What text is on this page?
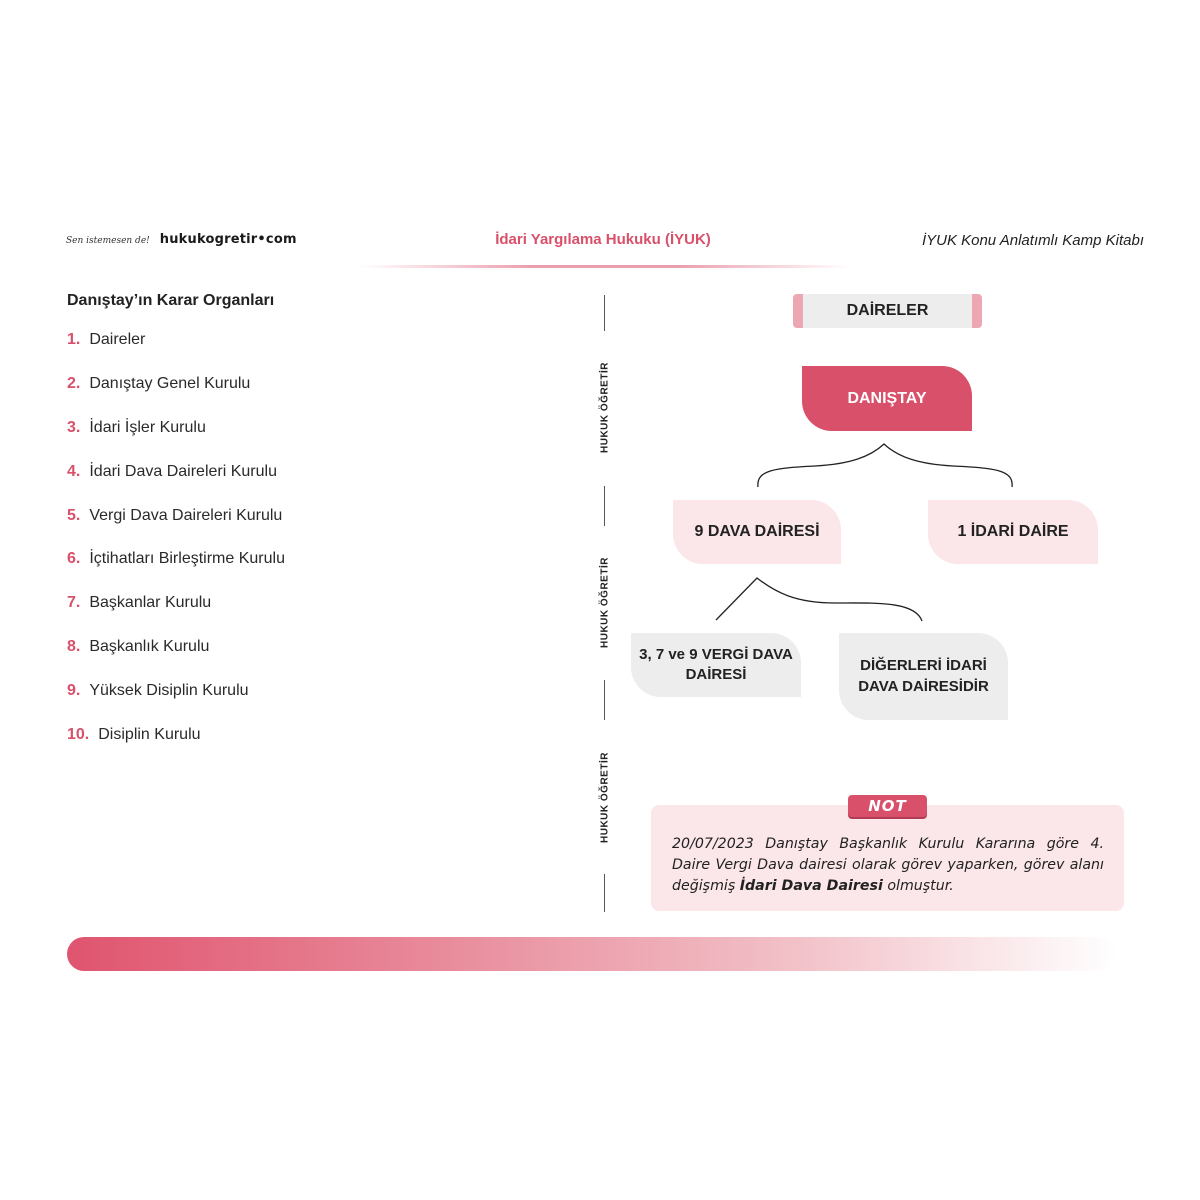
Sen istemesen de! hukukogretir•com	İdari Yargılama Hukuku (İYUK)	İYUK Konu Anlatımlı Kamp Kitabı
Danıştay’ın Karar Organları
1. Daireler
2. Danıştay Genel Kurulu
3. İdari İşler Kurulu
4. İdari Dava Daireleri Kurulu
5. Vergi Dava Daireleri Kurulu
6. İçtihatları Birleştirme Kurulu
7. Başkanlar Kurulu
8. Başkanlık Kurulu
9. Yüksek Disiplin Kurulu
10. Disiplin Kurulu
HUKUK ÖĞRETİR
HUKUK ÖĞRETİR
HUKUK ÖĞRETİR
DAİRELER
DANIŞTAY
9 DAVA DAİRESİ	1 İDARİ DAİRE
3, 7 ve 9 VERGİ DAVA DAİRESİ
DİĞERLERİ İDARİ DAVA DAİRESİDİR
NOT
20/07/2023 Danıştay Başkanlık Kurulu Kararına göre 4. Daire Vergi Dava dairesi olarak görev yaparken, görev alanı değişmiş İdari Dava Dairesi olmuştur.
